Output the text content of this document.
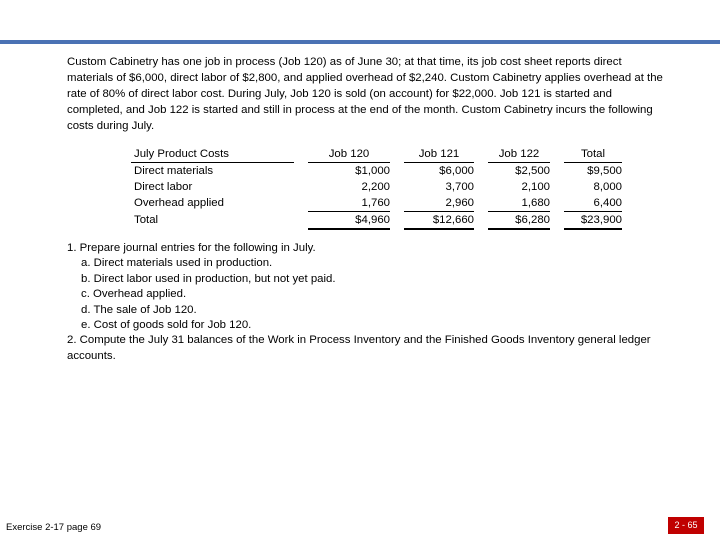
Custom Cabinetry has one job in process (Job 120) as of June 30; at that time, its job cost sheet reports direct materials of $6,000, direct labor of $2,800, and applied overhead of $2,240. Custom Cabinetry applies overhead at the rate of 80% of direct labor cost. During July, Job 120 is sold (on account) for $22,000. Job 121 is started and completed, and Job 122 is started and still in process at the end of the month. Custom Cabinetry incurs the following costs during July.
July Product Costs		Job 120		Job 121		Job 122		Total
Direct materials		$1,000		$6,000		$2,500		$9,500
Direct labor		2,200		3,700		2,100		8,000
Overhead applied		1,760		2,960		1,680		6,400
Total		$4,960		$12,660		$6,280		$23,900
1. Prepare journal entries for the following in July.
a. Direct materials used in production.
b. Direct labor used in production, but not yet paid.
c. Overhead applied.
d. The sale of Job 120.
e. Cost of goods sold for Job 120.
2. Compute the July 31 balances of the Work in Process Inventory and the Finished Goods Inventory general ledger accounts.
Exercise 2-17 page 69	2 - 65
